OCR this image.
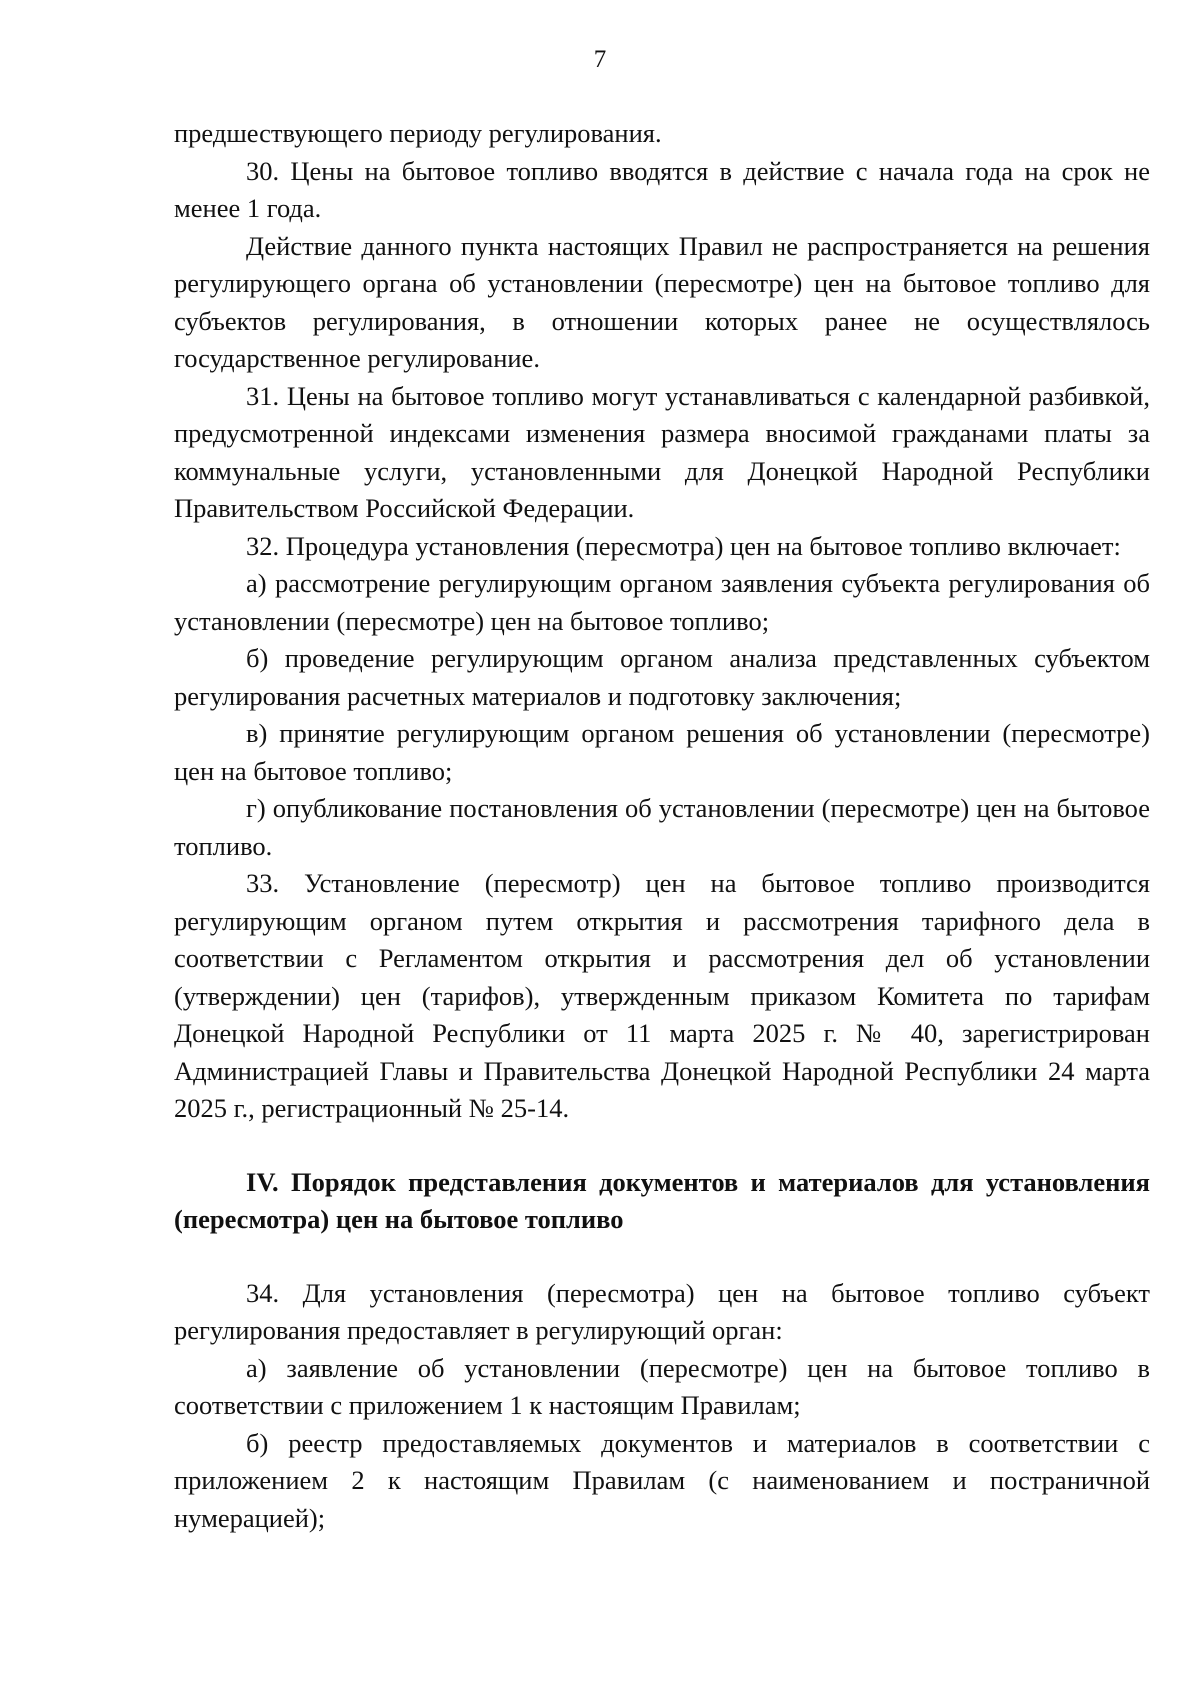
7

предшествующего периоду регулирования.

30. Цены на бытовое топливо вводятся в действие с начала года на срок не менее 1 года.

Действие данного пункта настоящих Правил не распространяется на решения регулирующего органа об установлении (пересмотре) цен на бытовое топливо для субъектов регулирования, в отношении которых ранее не осуществлялось государственное регулирование.

31. Цены на бытовое топливо могут устанавливаться с календарной разбивкой, предусмотренной индексами изменения размера вносимой гражданами платы за коммунальные услуги, установленными для Донецкой Народной Республики Правительством Российской Федерации.

32. Процедура установления (пересмотра) цен на бытовое топливо включает:

а) рассмотрение регулирующим органом заявления субъекта регулирования об установлении (пересмотре) цен на бытовое топливо;

б) проведение регулирующим органом анализа представленных субъектом регулирования расчетных материалов и подготовку заключения;

в) принятие регулирующим органом решения об установлении (пересмотре) цен на бытовое топливо;

г) опубликование постановления об установлении (пересмотре) цен на бытовое топливо.

33. Установление (пересмотр) цен на бытовое топливо производится регулирующим органом путем открытия и рассмотрения тарифного дела в соответствии с Регламентом открытия и рассмотрения дел об установлении (утверждении) цен (тарифов), утвержденным приказом Комитета по тарифам Донецкой Народной Республики от 11 марта 2025 г. № 40, зарегистрирован Администрацией Главы и Правительства Донецкой Народной Республики 24 марта 2025 г., регистрационный № 25-14.

IV. Порядок представления документов и материалов для установления (пересмотра) цен на бытовое топливо

34. Для установления (пересмотра) цен на бытовое топливо субъект регулирования предоставляет в регулирующий орган:

а) заявление об установлении (пересмотре) цен на бытовое топливо в соответствии с приложением 1 к настоящим Правилам;

б) реестр предоставляемых документов и материалов в соответствии с приложением 2 к настоящим Правилам (с наименованием и постраничной нумерацией);
